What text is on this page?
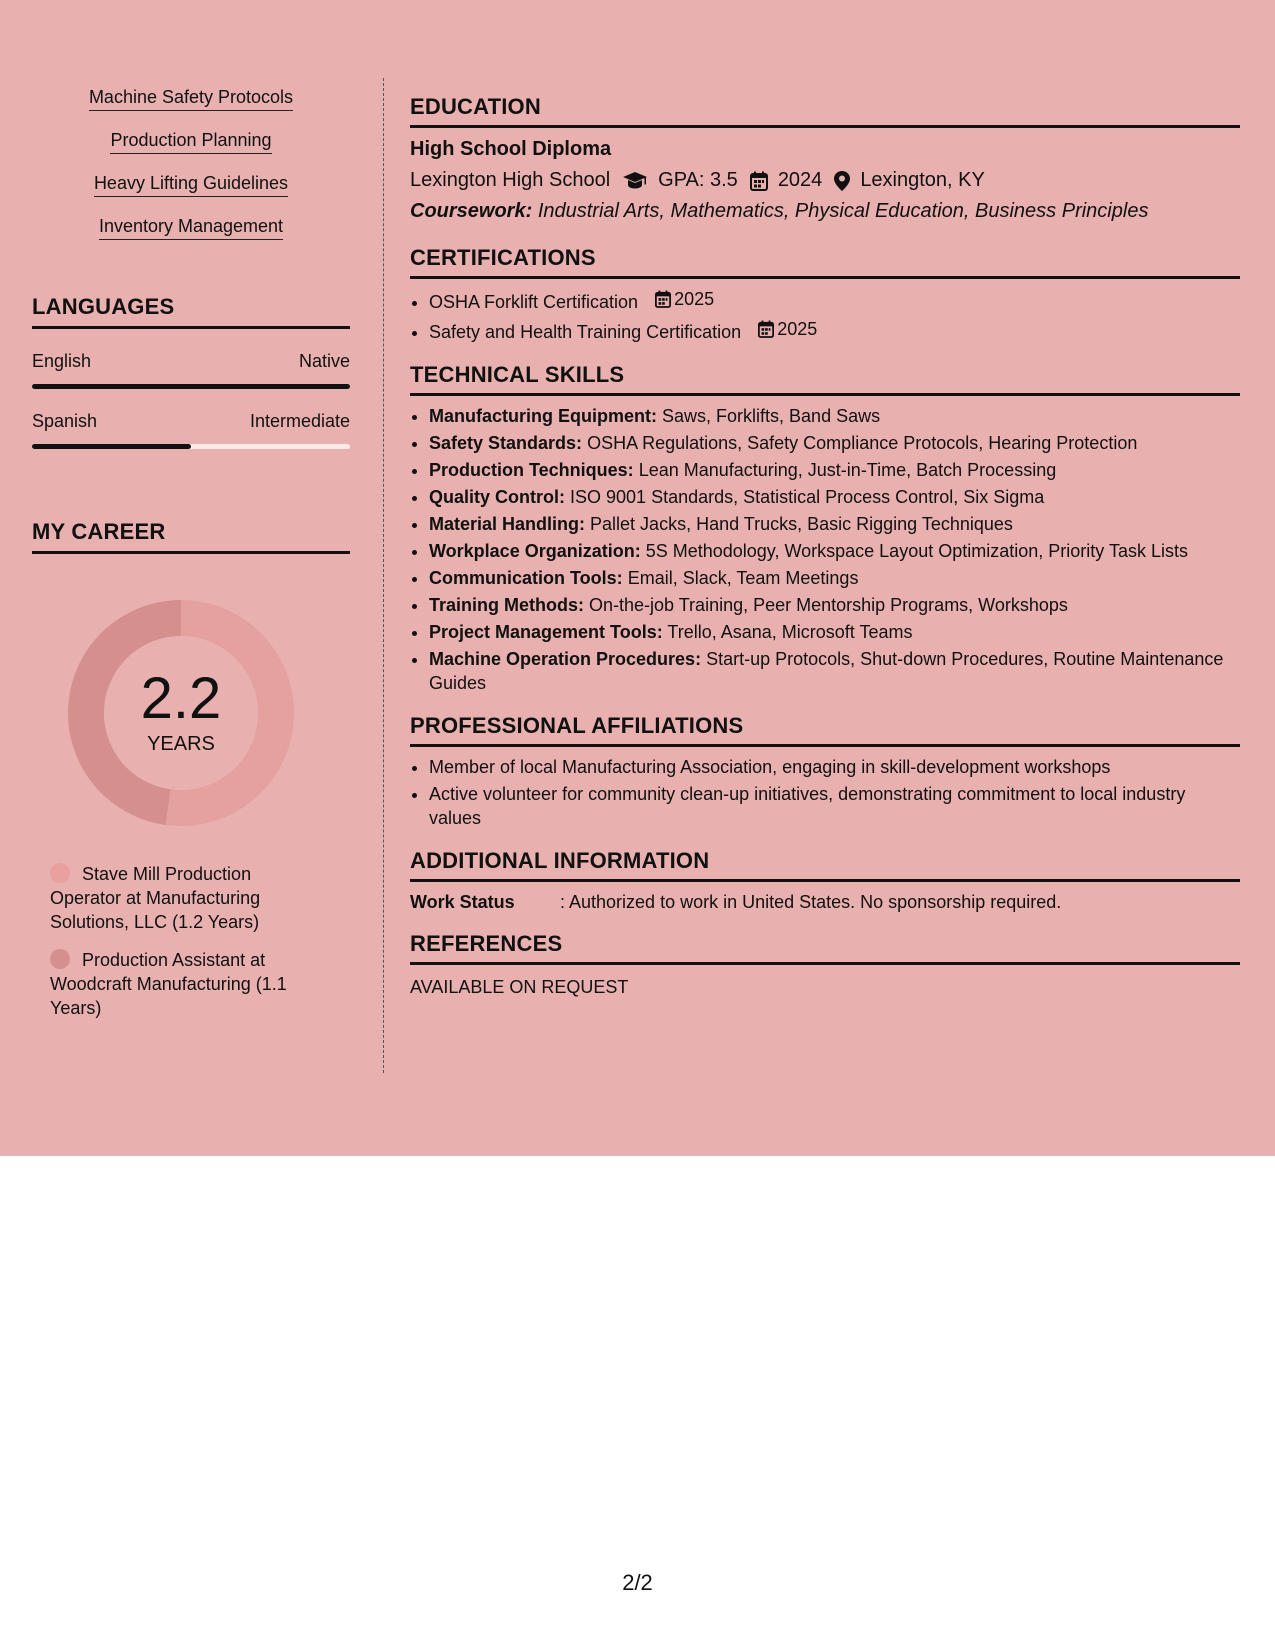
Machine Safety Protocols
Production Planning
Heavy Lifting Guidelines
Inventory Management
LANGUAGES
English	Native
Spanish	Intermediate
MY CAREER
2.2
YEARS
Stave Mill Production Operator at Manufacturing Solutions, LLC (1.2 Years)
Production Assistant at Woodcraft Manufacturing (1.1 Years)
EDUCATION
High School Diploma
Lexington High School GPA: 3.5 2024 Lexington, KY
Coursework: Industrial Arts, Mathematics, Physical Education, Business Principles
CERTIFICATIONS
• OSHA Forklift Certification 2025
• Safety and Health Training Certification 2025
TECHNICAL SKILLS
• Manufacturing Equipment: Saws, Forklifts, Band Saws
• Safety Standards: OSHA Regulations, Safety Compliance Protocols, Hearing Protection
• Production Techniques: Lean Manufacturing, Just-in-Time, Batch Processing
• Quality Control: ISO 9001 Standards, Statistical Process Control, Six Sigma
• Material Handling: Pallet Jacks, Hand Trucks, Basic Rigging Techniques
• Workplace Organization: 5S Methodology, Workspace Layout Optimization, Priority Task Lists
• Communication Tools: Email, Slack, Team Meetings
• Training Methods: On-the-job Training, Peer Mentorship Programs, Workshops
• Project Management Tools: Trello, Asana, Microsoft Teams
• Machine Operation Procedures: Start-up Protocols, Shut-down Procedures, Routine Maintenance Guides
PROFESSIONAL AFFILIATIONS
• Member of local Manufacturing Association, engaging in skill-development workshops
• Active volunteer for community clean-up initiatives, demonstrating commitment to local industry values
ADDITIONAL INFORMATION
Work Status	: Authorized to work in United States. No sponsorship required.
REFERENCES
AVAILABLE ON REQUEST
2/2
